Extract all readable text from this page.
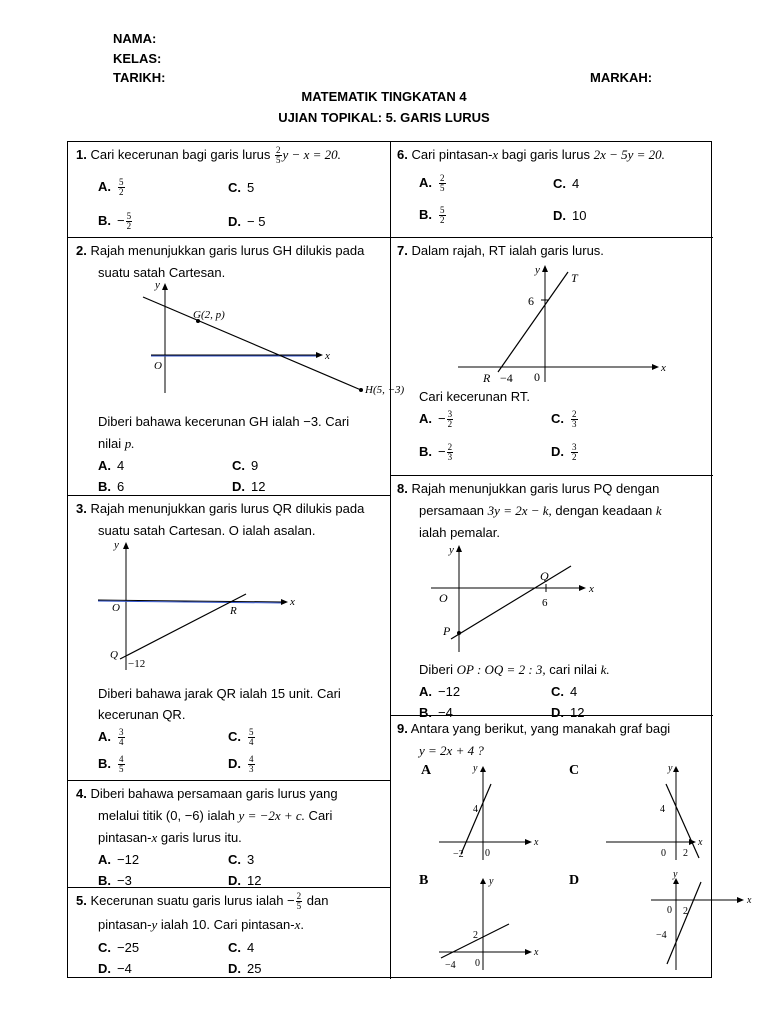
NAMA:
KELAS:
TARIKH:	MARKAH:
MATEMATIK TINGKATAN 4
UJIAN TOPIKAL: 5. GARIS LURUS
1. Cari kecerunan bagi garis lurus $\frac{2}{5}$ y − x = 20.
A. $\frac{5}{2}$
B. − $\frac{5}{2}$
C. 5
D. − 5
2. Rajah menunjukkan garis lurus GH dilukis pada
suatu satah Cartesan.
y
x
O
G(2, p)
H(5, −3)
Diberi bahawa kecerunan GH ialah −3. Cari
nilai p.
A. 4
B. 6
C. 9
D. 12
3. Rajah menunjukkan garis lurus QR dilukis pada
suatu satah Cartesan. O ialah asalan.
y
x
O	R
Q
−12
Diberi bahawa jarak QR ialah 15 unit. Cari
kecerunan QR.
A. $\frac{3}{4}$
B. $\frac{4}{5}$
C. $\frac{5}{4}$
D. $\frac{4}{3}$
4. Diberi bahawa persamaan garis lurus yang
melalui titik (0, −6) ialah y = −2x + c. Cari
pintasan-x garis lurus itu.
A. −12
B. −3
C. 3
D. 12
5. Kecerunan suatu garis lurus ialah − $\frac{2}{5}$ dan
pintasan-y ialah 10. Cari pintasan-x.
C. −25
D. −4
C. 4
D. 25
6. Cari pintasan-x bagi garis lurus 2x − 5y = 20.
A. $\frac{2}{5}$
B. $\frac{5}{2}$
C. 4
D. 10
7. Dalam rajah, RT ialah garis lurus.
y
x
T
6
R −4 0
Cari kecerunan RT.
A. − $\frac{3}{2}$
B. − $\frac{2}{3}$
C. $\frac{2}{3}$
D. $\frac{3}{2}$
8. Rajah menunjukkan garis lurus PQ dengan
persamaan 3y = 2x − k, dengan keadaan k
ialah pemalar.
y
x
O
Q
6
P
Diberi OP : OQ = 2 : 3, cari nilai k.
A. −12
B. −4
C. 4
D. 12
9. Antara yang berikut, yang manakah graf bagi
y = 2x + 4 ?
A	y
x
4
−2 0
C	y
x
4
2
0
B	y
x
2
−4 0
D	y
x
2
−4
0
